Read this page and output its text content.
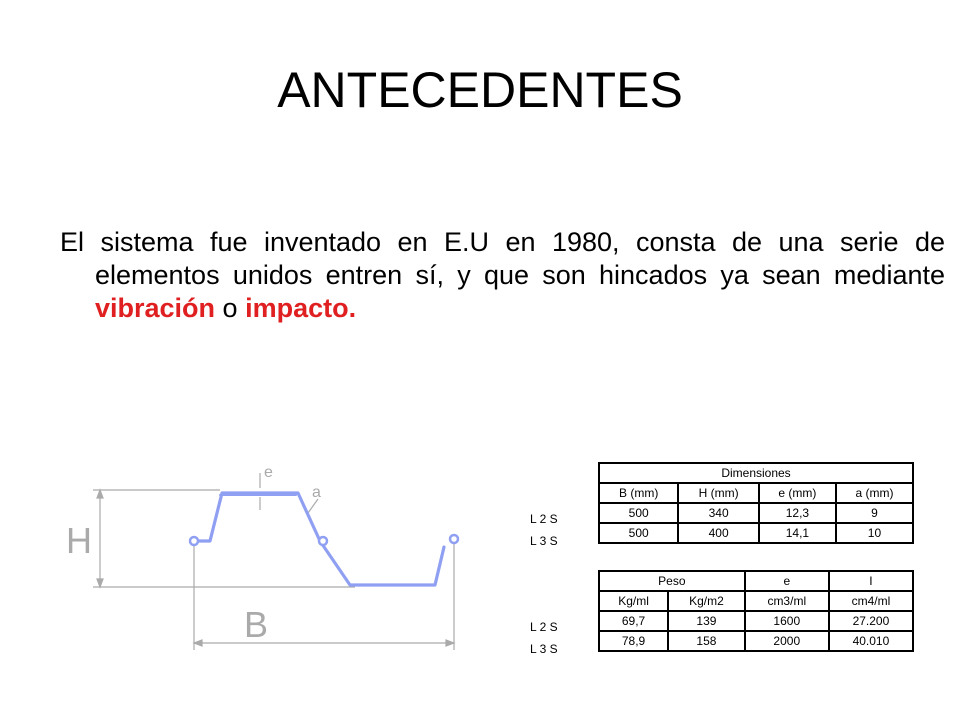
ANTECEDENTES
El sistema fue inventado en E.U en 1980, consta de una serie de elementos unidos entren sí, y que son hincados ya sean mediante vibración o impacto.
e
a
H
B
L 2 S
L 3 S
	Dimensiones			
	B (mm)	H (mm)	e (mm)	a (mm)
	500	340	12,3	9
	500	400	14,1	10
L 2 S
L 3 S
	Peso		e	I
	Kg/ml	Kg/m2	cm3/ml	cm4/ml
	69,7	139	1600	27.200
	78,9	158	2000	40.010
